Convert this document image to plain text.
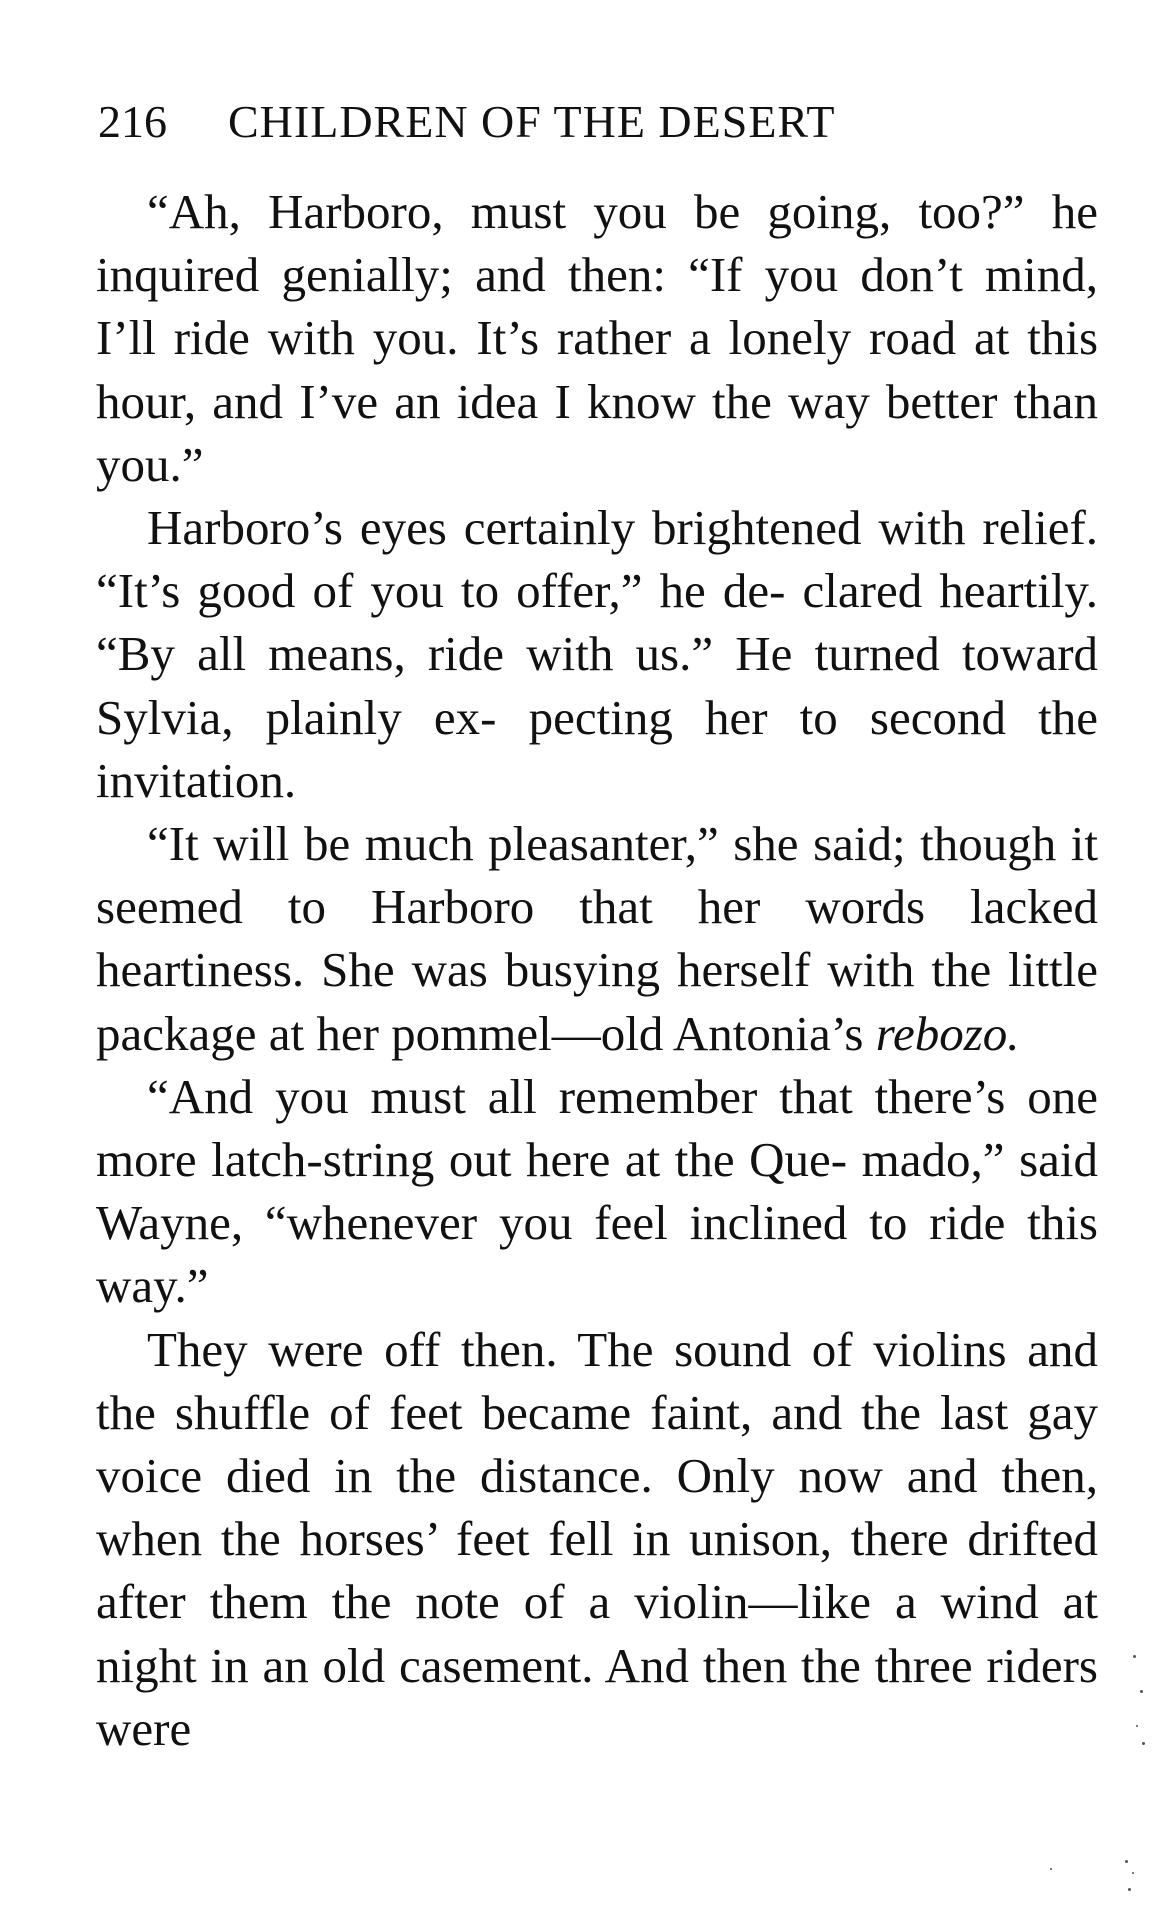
216 CHILDREN OF THE DESERT

“Ah, Harboro, must you be going, too?” he inquired genially; and then: “If you don’t mind, I’ll ride with you. It’s rather a lonely road at this hour, and I’ve an idea I know the way better than you.”

Harboro’s eyes certainly brightened with relief. “It’s good of you to offer,” he de- clared heartily. “By all means, ride with us.” He turned toward Sylvia, plainly ex- pecting her to second the invitation.

“It will be much pleasanter,” she said; though it seemed to Harboro that her words lacked heartiness. She was busying herself with the little package at her pommel—old Antonia’s rebozo.

“And you must all remember that there’s one more latch-string out here at the Que- mado,” said Wayne, “whenever you feel inclined to ride this way.”

They were off then. The sound of violins and the shuffle of feet became faint, and the last gay voice died in the distance. Only now and then, when the horses’ feet fell in unison, there drifted after them the note of a violin—like a wind at night in an old casement. And then the three riders were
